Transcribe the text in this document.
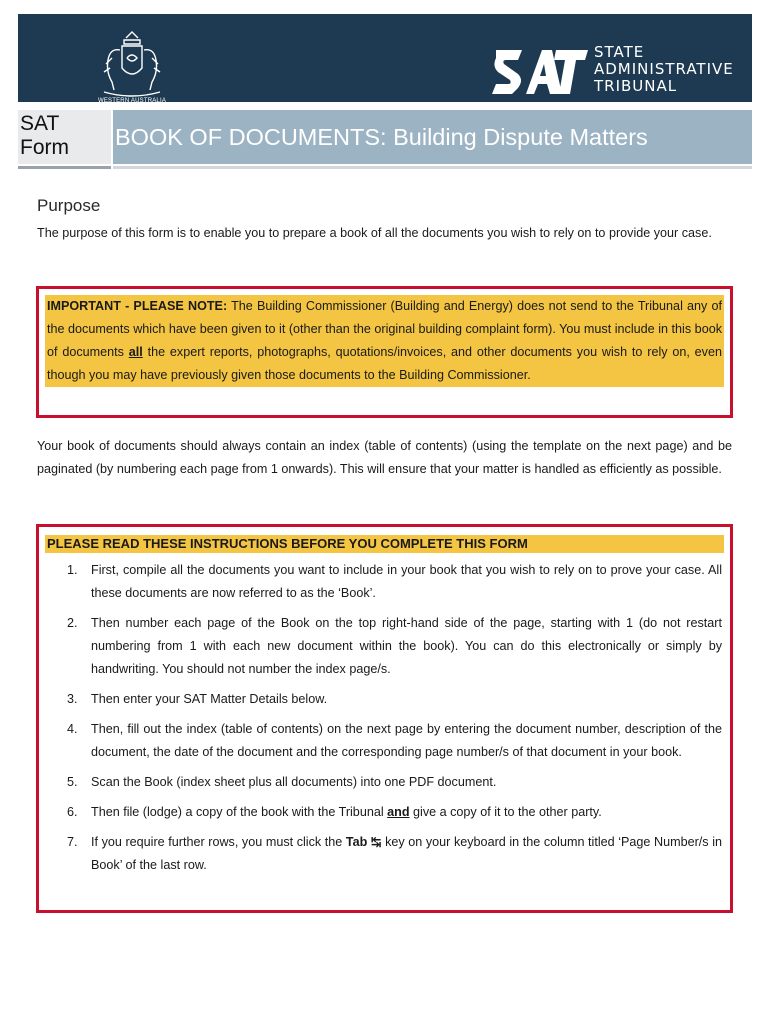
WESTERN AUSTRALIA
STATE
ADMINISTRATIVE
TRIBUNAL
SAT
Form	BOOK OF DOCUMENTS: Building Dispute Matters
Purpose

The purpose of this form is to enable you to prepare a book of all the documents you wish to rely on to provide your case.

IMPORTANT - PLEASE NOTE: The Building Commissioner (Building and Energy) does not send to the Tribunal any of the documents which have been given to it (other than the original building complaint form). You must include in this book of documents all the expert reports, photographs, quotations/invoices, and other documents you wish to rely on, even though you may have previously given those documents to the Building Commissioner.

Your book of documents should always contain an index (table of contents) (using the template on the next page) and be paginated (by numbering each page from 1 onwards). This will ensure that your matter is handled as efficiently as possible.

PLEASE READ THESE INSTRUCTIONS BEFORE YOU COMPLETE THIS FORM
1. First, compile all the documents you want to include in your book that you wish to rely on to prove your case. All these documents are now referred to as the ‘Book’.
2. Then number each page of the Book on the top right-hand side of the page, starting with 1 (do not restart numbering from 1 with each new document within the book). You can do this electronically or simply by handwriting. You should not number the index page/s.
3. Then enter your SAT Matter Details below.
4. Then, fill out the index (table of contents) on the next page by entering the document number, description of the document, the date of the document and the corresponding page number/s of that document in your book.
5. Scan the Book (index sheet plus all documents) into one PDF document.
6. Then file (lodge) a copy of the book with the Tribunal and give a copy of it to the other party.
7. If you require further rows, you must click the Tab ↹ key on your keyboard in the column titled ‘Page Number/s in Book’ of the last row.
